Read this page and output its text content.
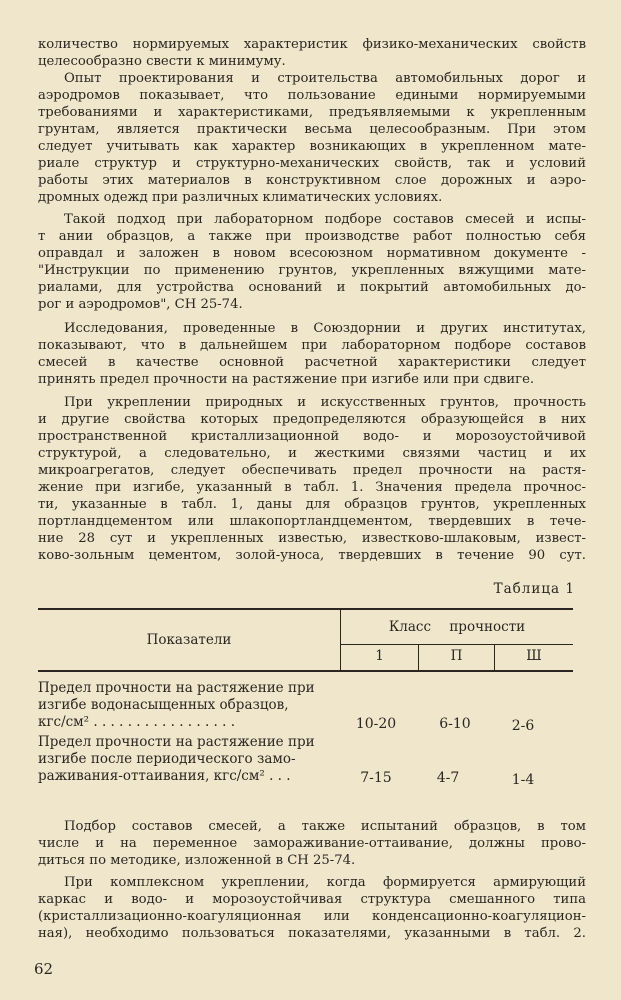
количество нормируемых характеристик физико-механических свойств
целесообразно свести к минимуму.

Опыт проектирования и строительства автомобильных дорог и
аэродромов показывает, что пользование едиными нормируемыми
требованиями и характеристиками, предъявляемыми к укрепленным
грунтам, является практически весьма целесообразным. При этом
следует учитывать как характер возникающих в укрепленном мате-
риале структур и структурно-механических свойств, так и условий
работы этих материалов в конструктивном слое дорожных и аэро-
дромных одежд при различных климатических условиях.

Такой подход при лабораторном подборе составов смесей и испы-
т ании образцов, а также при производстве работ полностью себя
оправдал и заложен в новом всесоюзном нормативном документе -
"Инструкции по применению грунтов, укрепленных вяжущими мате-
риалами, для устройства оснований и покрытий автомобильных до-
рог и аэродромов", СН 25-74.

Исследования, проведенные в Союздорнии и других институтах,
показывают, что в дальнейшем при лабораторном подборе составов
смесей в качестве основной расчетной характеристики следует
принять предел прочности на растяжение при изгибе или при сдвиге.

При укреплении природных и искусственных грунтов, прочность
и другие свойства которых предопределяются образующейся в них
пространственной кристаллизационной водо- и морозоустойчивой
структурой, а следовательно, и жесткими связями частиц и их
микроагрегатов, следует обеспечивать предел прочности на растя-
жение при изгибе, указанный в табл. 1. Значения предела прочнос-
ти, указанные в табл. 1, даны для образцов грунтов, укрепленных
портландцементом или шлакопортландцементом, твердевших в тече-
ние 28 сут и укрепленных известью, известково-шлаковым, извест-
ково-зольным цементом, золой-уноса, твердевших в течение 90 сут.

Таблица 1
Показатели
Класс прочности
1	П	Ш
Предел прочности на растяжение при
изгибе водонасыщенных образцов,
кгс/см² . . . . . . . . . . . . . . . . .	10-20	6-10	2-6
Предел прочности на растяжение при
изгибе после периодического замо-
раживания-оттаивания, кгс/см² . . .	7-15	4-7	1-4

Подбор составов смесей, а также испытаний образцов, в том
числе и на переменное замораживание-оттаивание, должны прово-
диться по методике, изложенной в СН 25-74.

При комплексном укреплении, когда формируется армирующий
каркас и водо- и морозоустойчивая структура смешанного типа
(кристаллизационно-коагуляционная или конденсационно-коагуляцион-
ная), необходимо пользоваться показателями, указанными в табл. 2.

62
